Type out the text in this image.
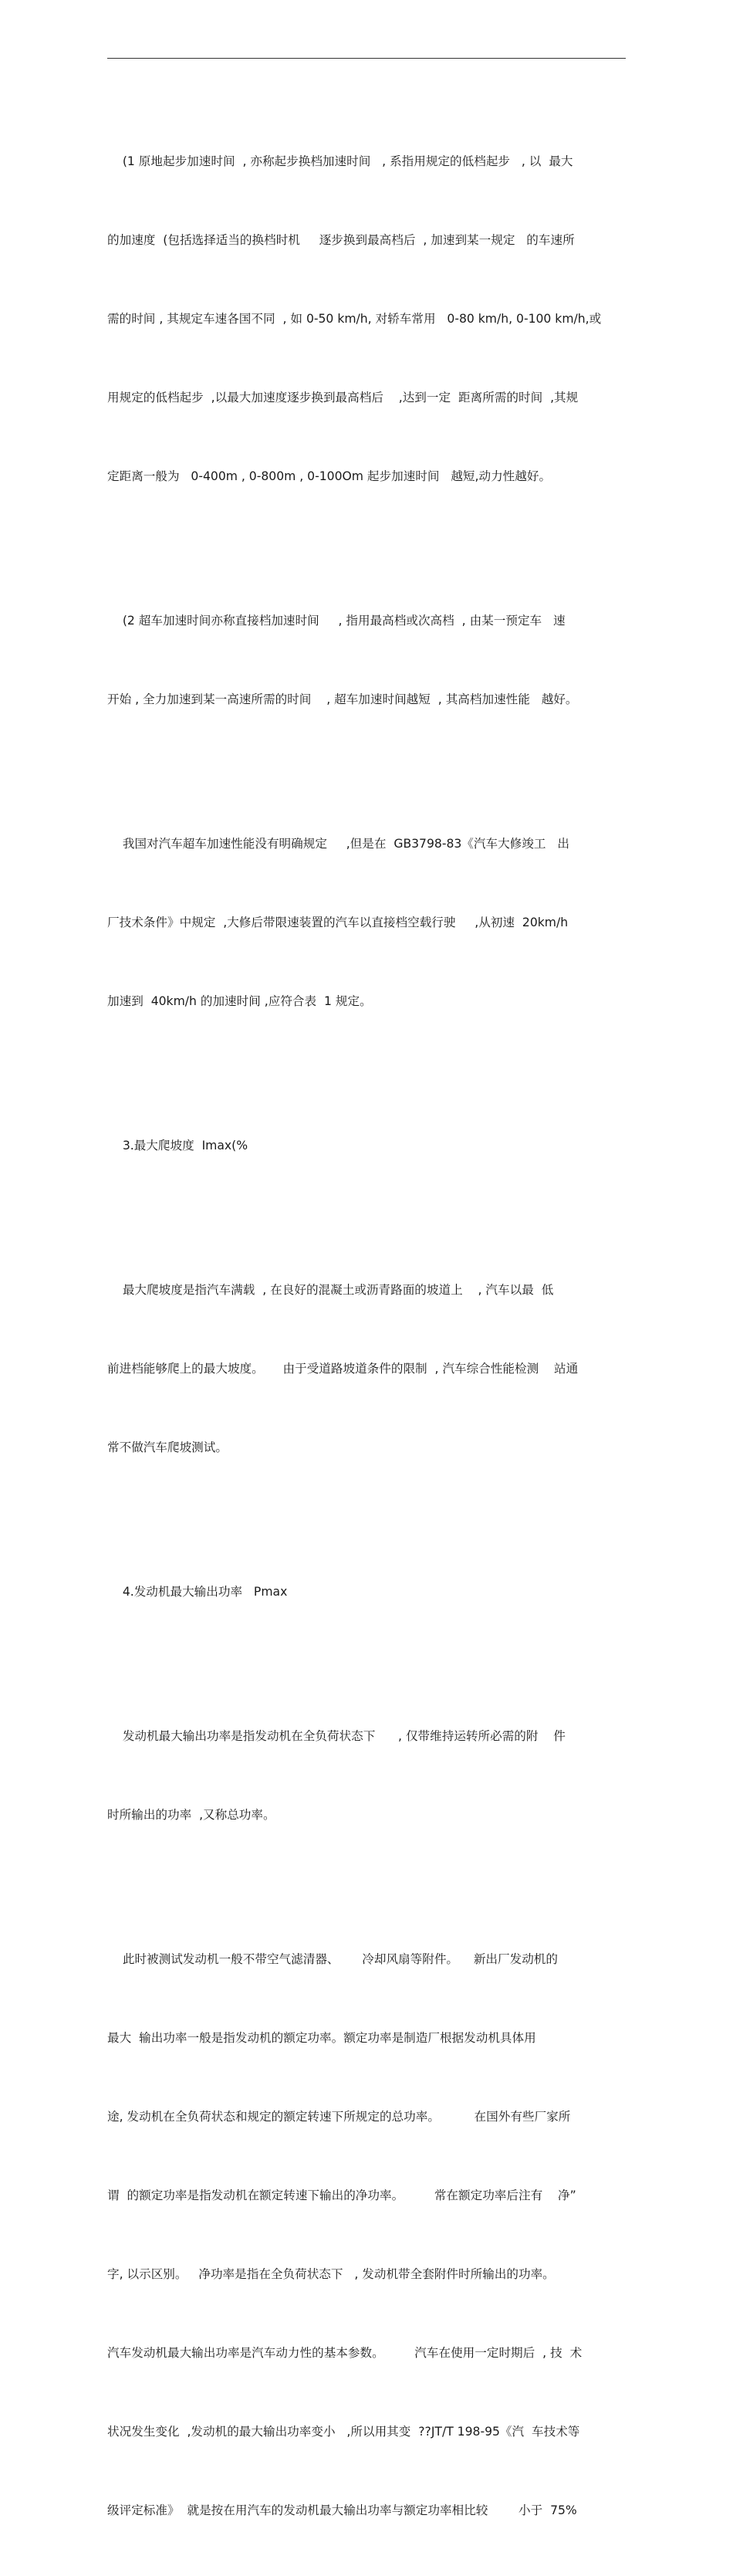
(1 原地起步加速时间  , 亦称起步换档加速时间   , 系指用规定的低档起步   , 以  最大

的加速度  (包括选择适当的换档时机     逐步换到最高档后  , 加速到某一规定   的车速所

需的时间 , 其规定车速各国不同  , 如 0-50 km/h, 对轿车常用   0-80 km/h, 0-100 km/h,或

用规定的低档起步  ,以最大加速度逐步换到最高档后    ,达到一定  距离所需的时间  ,其规

定距离一般为   0-400m , 0-800m , 0-100Om 起步加速时间   越短,动力性越好。

(2 超车加速时间亦称直接档加速时间     , 指用最高档或次高档  , 由某一预定车   速

开始 , 全力加速到某一高速所需的时间    , 超车加速时间越短  , 其高档加速性能   越好。

我国对汽车超车加速性能没有明确规定     ,但是在  GB3798-83《汽车大修竣工   出

厂技术条件》中规定  ,大修后带限速装置的汽车以直接档空载行驶     ,从初速  20km/h

加速到  40km/h 的加速时间 ,应符合表  1 规定。

3.最大爬坡度  Imax(%

最大爬坡度是指汽车满载  , 在良好的混凝土或沥青路面的坡道上    , 汽车以最  低

前进档能够爬上的最大坡度。     由于受道路坡道条件的限制  , 汽车综合性能检测    站通

常不做汽车爬坡测试。

4.发动机最大输出功率   Pmax

发动机最大输出功率是指发动机在全负荷状态下      , 仅带维持运转所必需的附    件

时所输出的功率  ,又称总功率。

此时被测试发动机一般不带空气滤清器、      冷却风扇等附件。    新出厂发动机的

最大  输出功率一般是指发动机的额定功率。额定功率是制造厂根据发动机具体用

途, 发动机在全负荷状态和规定的额定转速下所规定的总功率。         在国外有些厂家所

谓  的额定功率是指发动机在额定转速下输出的净功率。        常在额定功率后注有    净”

字, 以示区别。   净功率是指在全负荷状态下   , 发动机带全套附件时所输出的功率。

汽车发动机最大输出功率是汽车动力性的基本参数。        汽车在使用一定时期后  , 技  术

状况发生变化  ,发动机的最大输出功率变小   ,所以用其变  ??JT/T 198-95《汽  车技术等

级评定标准》  就是按在用汽车的发动机最大输出功率与额定功率相比较        小于  75%
